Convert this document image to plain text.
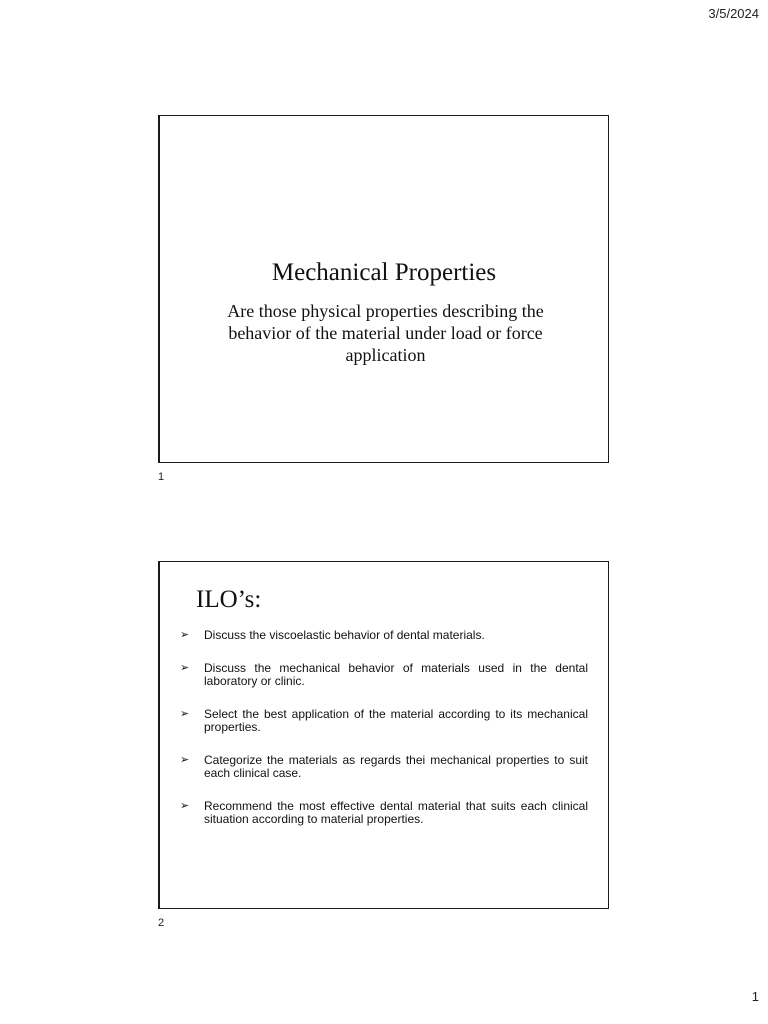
3/5/2024
Mechanical Properties
Are those physical properties describing the behavior of the material under load or force application
1
ILO’s:
➢ Discuss the viscoelastic behavior of dental materials.
➢ Discuss the mechanical behavior of materials used in the dental laboratory or clinic.
➢ Select the best application of the material according to its mechanical properties.
➢ Categorize the materials as regards thei mechanical properties to suit each clinical case.
➢ Recommend the most effective dental material that suits each clinical situation according to material properties.
2
1
